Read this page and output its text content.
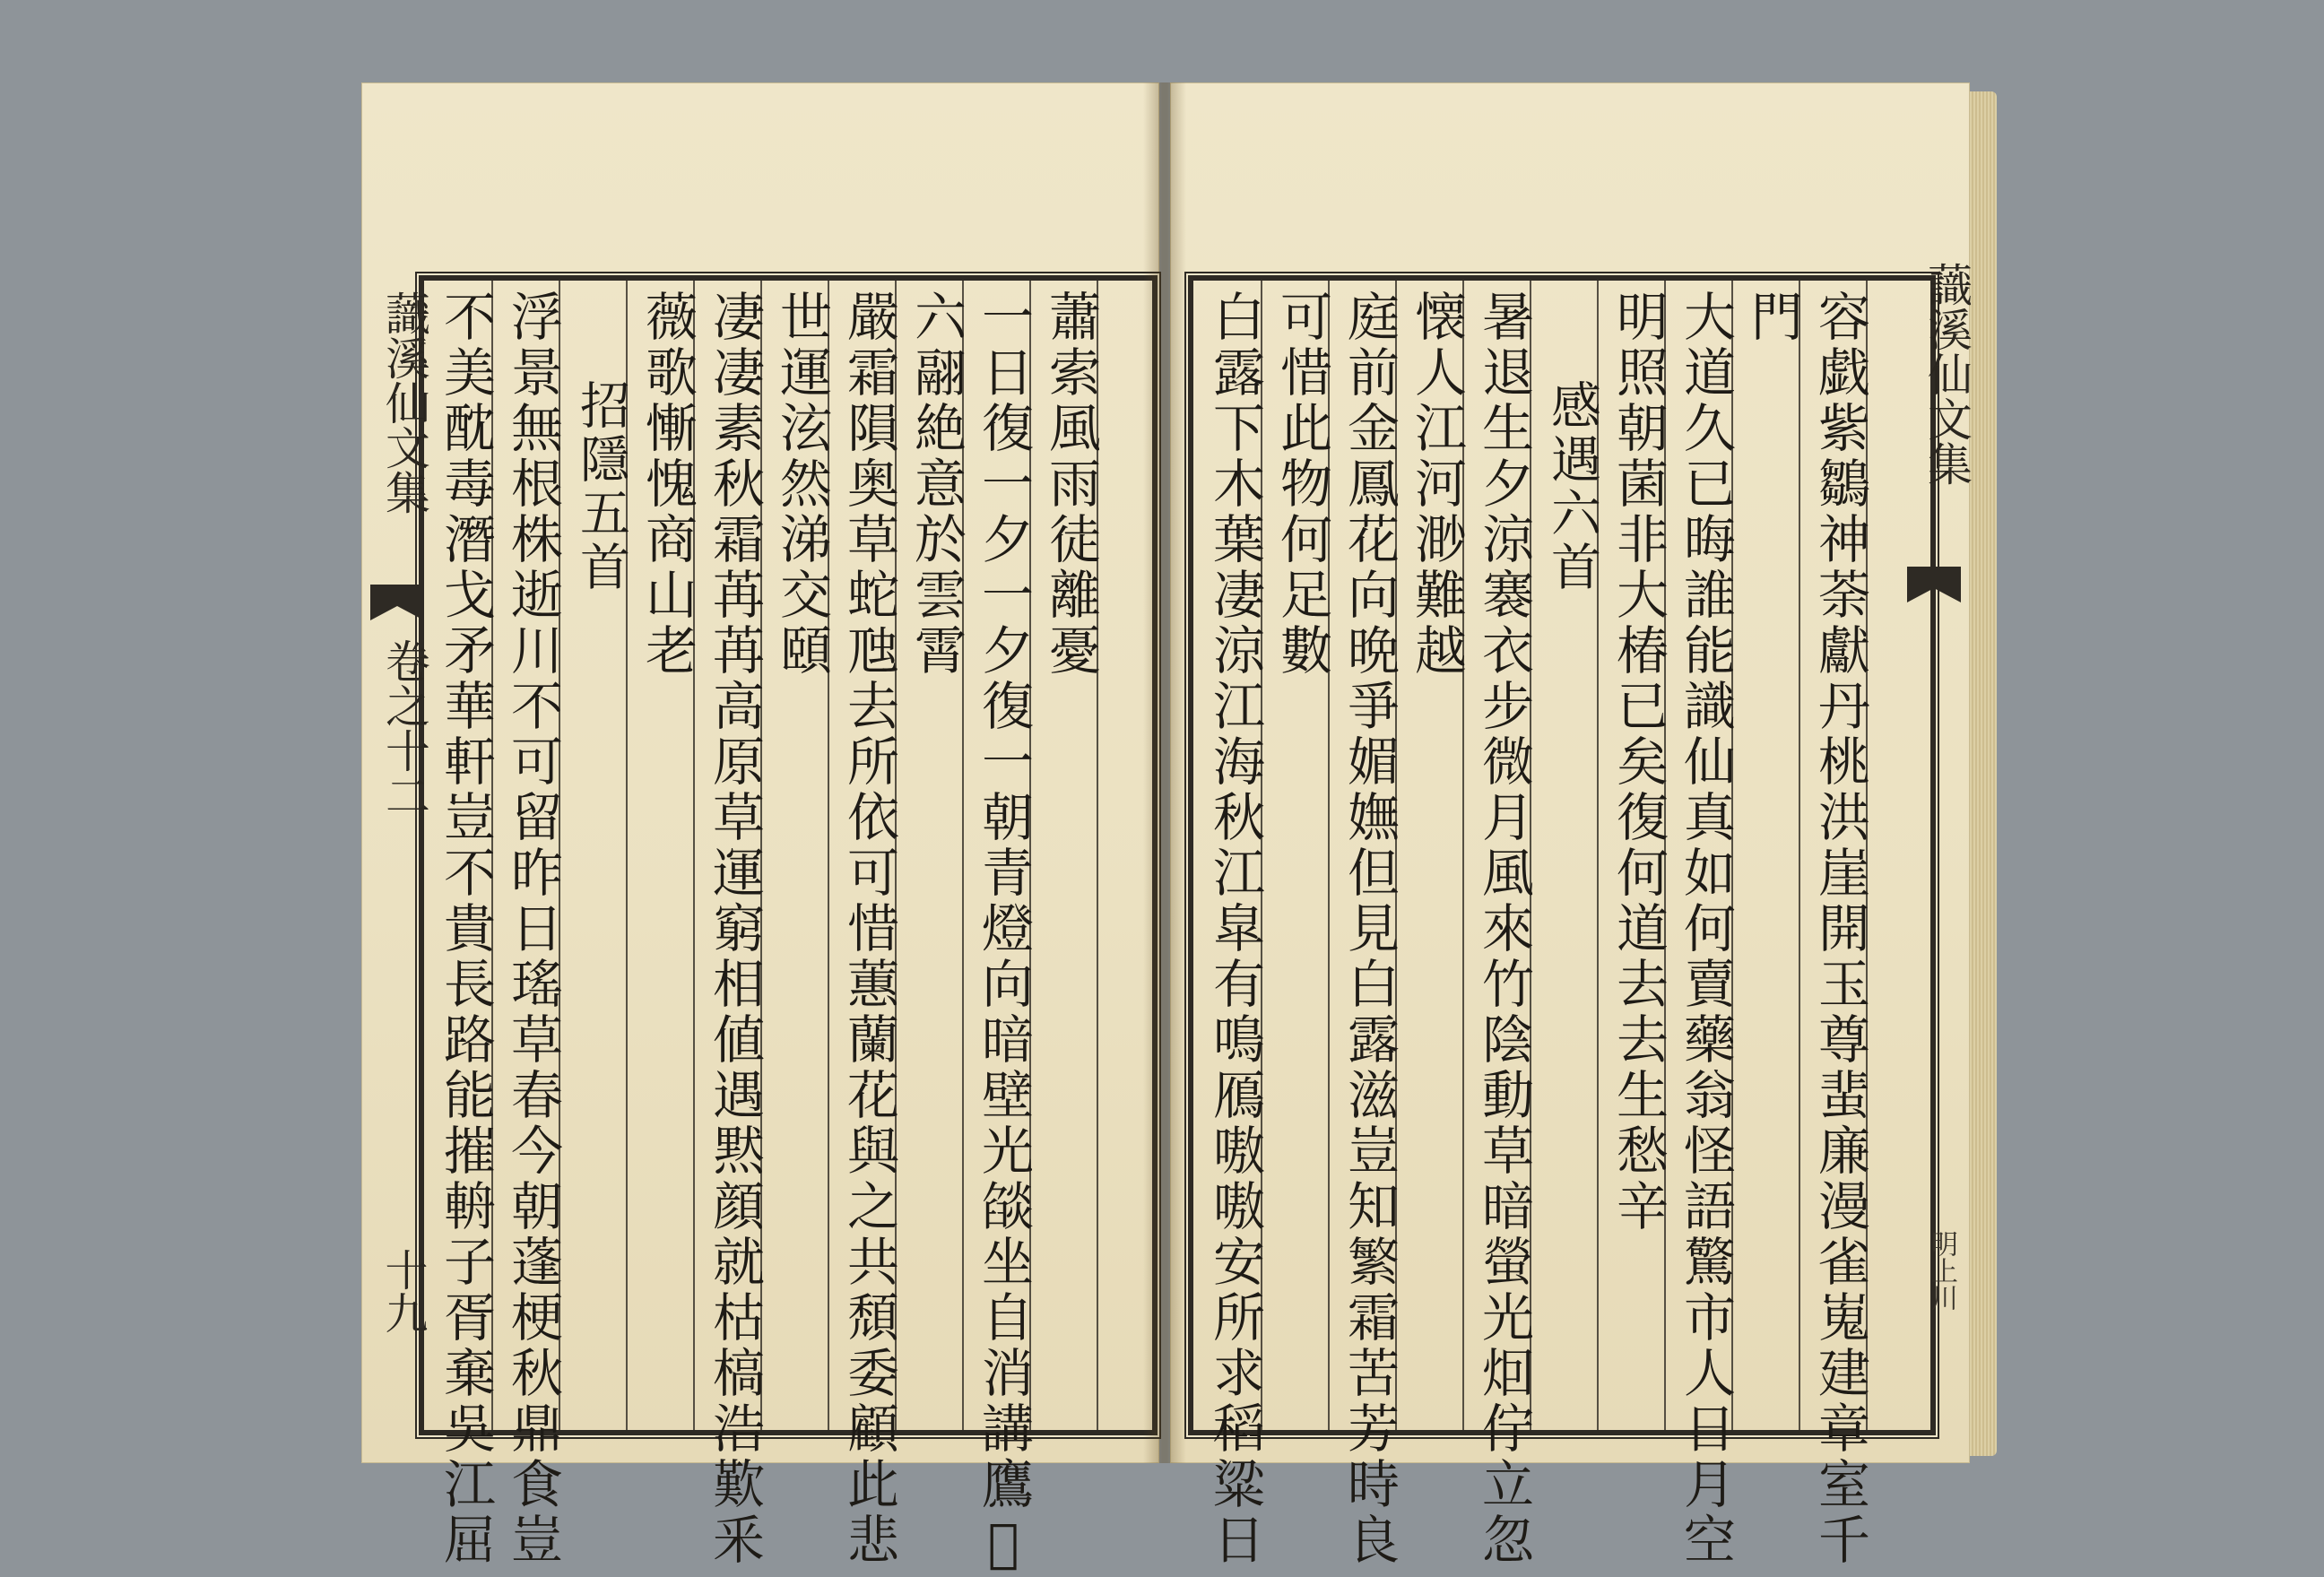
蕭索風雨徒離憂
一日復一夕一夕復一朝青燈向暗壁光燄坐自消講鷹𠊓
六翮絶意於雲霄
嚴霜隕奥草蛇虺去所依可惜蕙蘭花與之共頹委顧此悲
世運泫然涕交頤
凄凄素秋霜苒苒高原草運窮相値遇黙顔就枯槁浩歎釆
薇歌慚愧商山老
招隱五首
浮景無根株逝川不可留昨日瑤草春今朝蓬梗秋鼎食豈
不美酖毒潛戈矛華軒豈不貴長路能摧輈子胥棄吳江屈
𧄹溪仙文集
卷之十二
十九	容戯紫鶵神荼獻丹桃洪崖開玉尊蜚廉漫雀嵬建章室千
門
大道久已晦誰能識仙真如何賣藥翁怪語驚市人日月空
明照朝菌非大椿已矣復何道去去生愁辛
感遇六首
暑退生夕涼褰衣步微月風來竹陰動草暗螢光𤇆佇立忽
懐人江河渺難越
庭前金鳳花向晩爭媚嫵但見白露滋豈知繁霜苦芳時良
可惜此物何足數
白露下木葉凄涼江海秋江皐有鳴鴈嗷嗷安所求稻粱日	𧄹溪仙文集
明上川
